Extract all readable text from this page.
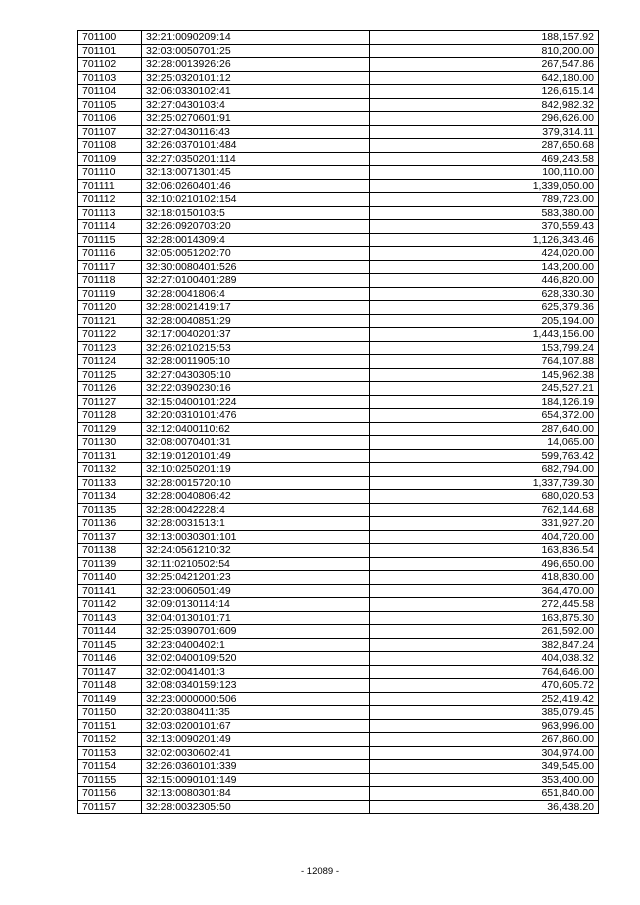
701100	32:21:0090209:14	188,157.92
701101	32:03:0050701:25	810,200.00
701102	32:28:0013926:26	267,547.86
701103	32:25:0320101:12	642,180.00
701104	32:06:0330102:41	126,615.14
701105	32:27:0430103:4	842,982.32
701106	32:25:0270601:91	296,626.00
701107	32:27:0430116:43	379,314.11
701108	32:26:0370101:484	287,650.68
701109	32:27:0350201:114	469,243.58
701110	32:13:0071301:45	100,110.00
701111	32:06:0260401:46	1,339,050.00
701112	32:10:0210102:154	789,723.00
701113	32:18:0150103:5	583,380.00
701114	32:26:0920703:20	370,559.43
701115	32:28:0014309:4	1,126,343.46
701116	32:05:0051202:70	424,020.00
701117	32:30:0080401:526	143,200.00
701118	32:27:0100401:289	446,820.00
701119	32:28:0041806:4	628,330.30
701120	32:28:0021419:17	625,379.36
701121	32:28:0040851:29	205,194.00
701122	32:17:0040201:37	1,443,156.00
701123	32:26:0210215:53	153,799.24
701124	32:28:0011905:10	764,107.88
701125	32:27:0430305:10	145,962.38
701126	32:22:0390230:16	245,527.21
701127	32:15:0400101:224	184,126.19
701128	32:20:0310101:476	654,372.00
701129	32:12:0400110:62	287,640.00
701130	32:08:0070401:31	14,065.00
701131	32:19:0120101:49	599,763.42
701132	32:10:0250201:19	682,794.00
701133	32:28:0015720:10	1,337,739.30
701134	32:28:0040806:42	680,020.53
701135	32:28:0042228:4	762,144.68
701136	32:28:0031513:1	331,927.20
701137	32:13:0030301:101	404,720.00
701138	32:24:0561210:32	163,836.54
701139	32:11:0210502:54	496,650.00
701140	32:25:0421201:23	418,830.00
701141	32:23:0060501:49	364,470.00
701142	32:09:0130114:14	272,445.58
701143	32:04:0130101:71	163,875.30
701144	32:25:0390701:609	261,592.00
701145	32:23:0400402:1	382,847.24
701146	32:02:0400109:520	404,038.32
701147	32:02:0041401:3	764,646.00
701148	32:08:0340159:123	470,605.72
701149	32:23:0000000:506	252,419.42
701150	32:20:0380411:35	385,079.45
701151	32:03:0200101:67	963,996.00
701152	32:13:0090201:49	267,860.00
701153	32:02:0030602:41	304,974.00
701154	32:26:0360101:339	349,545.00
701155	32:15:0090101:149	353,400.00
701156	32:13:0080301:84	651,840.00
701157	32:28:0032305:50	36,438.20
- 12089 -
